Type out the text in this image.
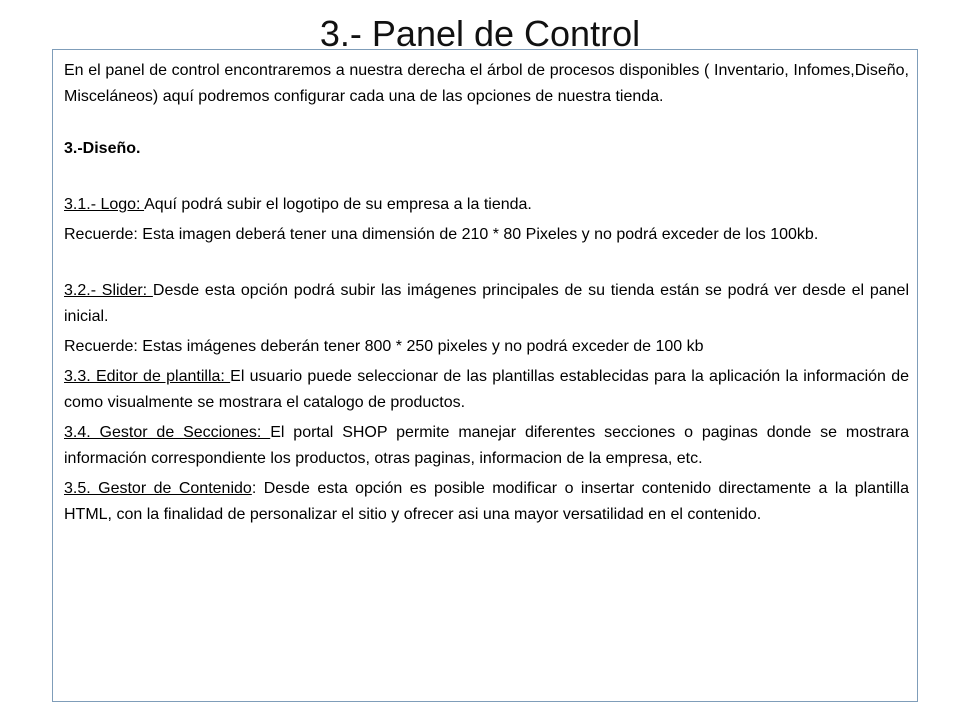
3.- Panel de Control

En el panel de control encontraremos a nuestra derecha el árbol de procesos disponibles ( Inventario, Infomes,Diseño, Misceláneos) aquí podremos configurar cada una de las opciones de nuestra tienda.

3.-Diseño.

3.1.- Logo: Aquí podrá subir el logotipo de su empresa a la tienda.

Recuerde: Esta imagen deberá tener una dimensión de 210 * 80 Pixeles y no podrá exceder de los 100kb.

3.2.- Slider: Desde esta opción podrá subir las imágenes principales de su tienda están se podrá ver desde el panel inicial.

Recuerde: Estas imágenes deberán tener 800 * 250 pixeles y no podrá exceder de 100 kb

3.3. Editor de plantilla: El usuario puede seleccionar de las plantillas establecidas para la aplicación la información de como visualmente se mostrara el catalogo de productos.

3.4. Gestor de Secciones: El portal SHOP permite manejar diferentes secciones o paginas donde se mostrara información correspondiente los productos, otras paginas, informacion de la empresa, etc.

3.5. Gestor de Contenido: Desde esta opción es posible modificar o insertar contenido directamente a la plantilla HTML, con la finalidad de personalizar el sitio y ofrecer asi una mayor versatilidad en el contenido.
